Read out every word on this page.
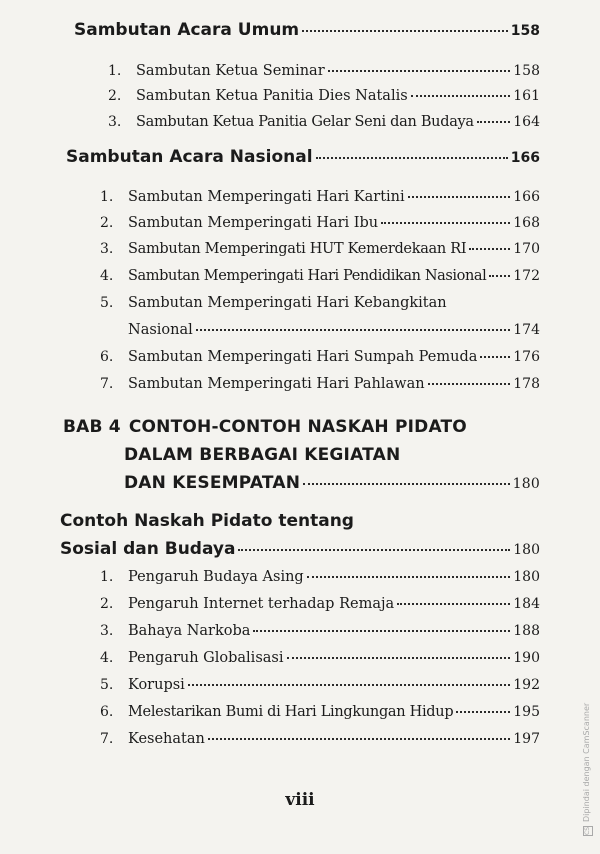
Sambutan Acara Umum	158
1.	Sambutan Ketua Seminar	158
2.	Sambutan Ketua Panitia Dies Natalis	161
3.	Sambutan Ketua Panitia Gelar Seni dan Budaya	164
Sambutan Acara Nasional	166
1.	Sambutan Memperingati Hari Kartini	166
2.	Sambutan Memperingati Hari Ibu	168
3.	Sambutan Memperingati HUT Kemerdekaan RI	170
4.	Sambutan Memperingati Hari Pendidikan Nasional 172
5.	Sambutan Memperingati Hari Kebangkitan
Nasional	174
6.	Sambutan Memperingati Hari Sumpah Pemuda	176
7.	Sambutan Memperingati Hari Pahlawan	178
BAB 4 CONTOH-CONTOH NASKAH PIDATO
DALAM BERBAGAI KEGIATAN
DAN KESEMPATAN	180
Contoh Naskah Pidato tentang
Sosial dan Budaya	180
1.	Pengaruh Budaya Asing	180
2.	Pengaruh Internet terhadap Remaja	184
3.	Bahaya Narkoba	188
4.	Pengaruh Globalisasi	190
5.	Korupsi	192
6.	Melestarikan Bumi di Hari Lingkungan Hidup	195
7.	Kesehatan	197
viii
CSDipindai dengan CamScanner
